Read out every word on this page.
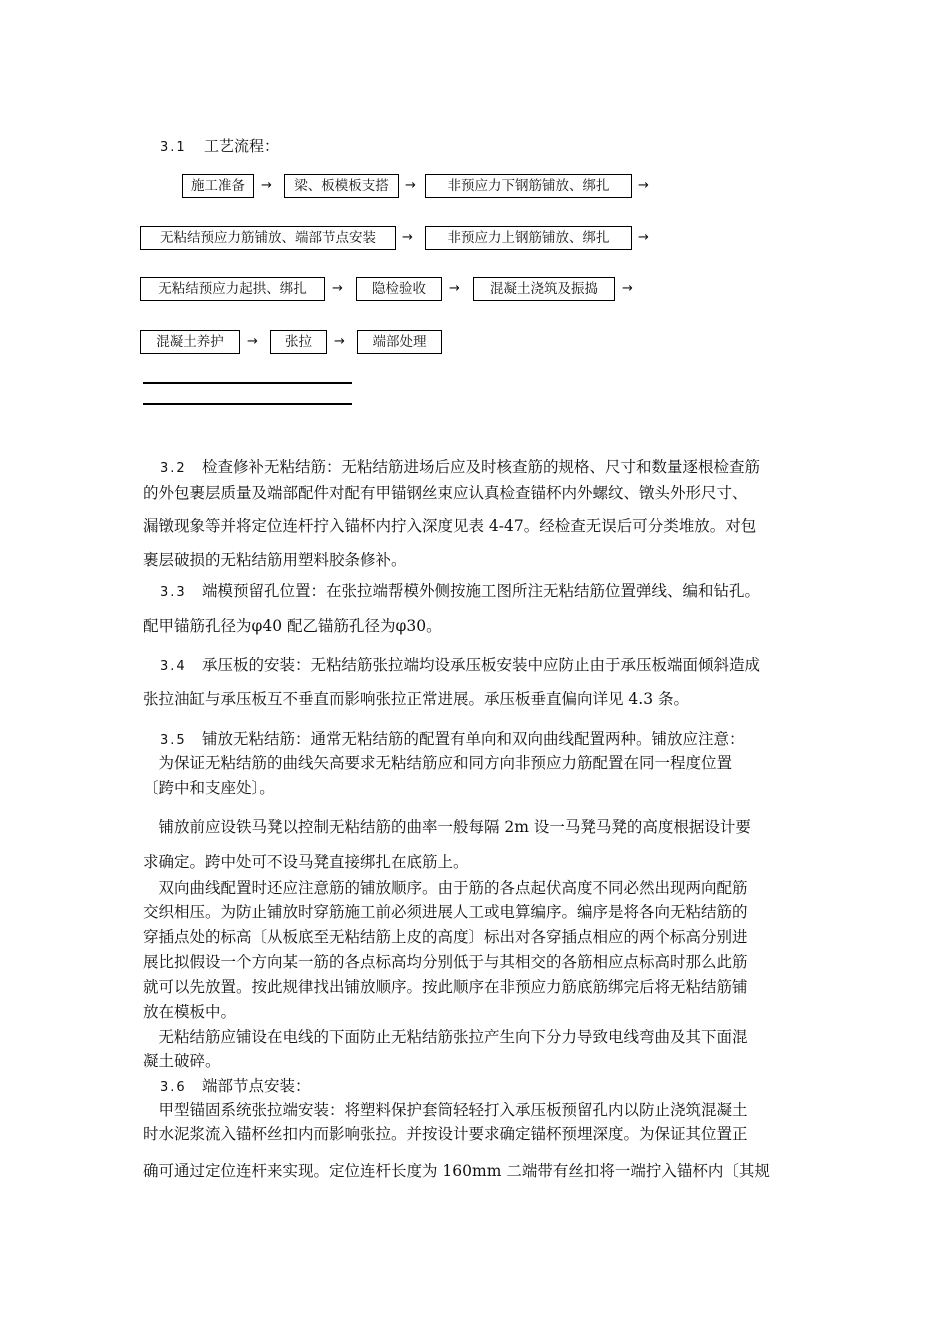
3.1 工艺流程：
施工准备	→	梁、板模板支搭	→	非预应力下钢筋铺放、绑扎	→
无粘结预应力筋铺放、端部节点安装	→	非预应力上钢筋铺放、绑扎	→
无粘结预应力起拱、绑扎	→	隐检验收	→	混凝土浇筑及振捣	→
混凝土养护	→	张拉	→	端部处理
3.2 检查修补无粘结筋：无粘结筋进场后应及时核查筋的规格、尺寸和数量逐根检查筋
的外包裹层质量及端部配件对配有甲锚钢丝束应认真检查锚杯内外螺纹、镦头外形尺寸、
漏镦现象等并将定位连杆拧入锚杯内拧入深度见表 4-47。经检查无误后可分类堆放。对包
裹层破损的无粘结筋用塑料胶条修补。
3.3 端模预留孔位置：在张拉端帮模外侧按施工图所注无粘结筋位置弹线、编和钻孔。
配甲锚筋孔径为φ40 配乙锚筋孔径为φ30。
3.4 承压板的安装：无粘结筋张拉端均设承压板安装中应防止由于承压板端面倾斜造成
张拉油缸与承压板互不垂直而影响张拉正常进展。承压板垂直偏向详见 4.3 条。
3.5 铺放无粘结筋：通常无粘结筋的配置有单向和双向曲线配置两种。铺放应注意：
　为保证无粘结筋的曲线矢高要求无粘结筋应和同方向非预应力筋配置在同一程度位置
〔跨中和支座处〕。
　铺放前应设铁马凳以控制无粘结筋的曲率一般每隔 2m 设一马凳马凳的高度根据设计要
求确定。跨中处可不设马凳直接绑扎在底筋上。
　双向曲线配置时还应注意筋的铺放顺序。由于筋的各点起伏高度不同必然出现两向配筋
交织相压。为防止铺放时穿筋施工前必须进展人工或电算编序。编序是将各向无粘结筋的
穿插点处的标高〔从板底至无粘结筋上皮的高度〕标出对各穿插点相应的两个标高分别进
展比拟假设一个方向某一筋的各点标高均分别低于与其相交的各筋相应点标高时那么此筋
就可以先放置。按此规律找出铺放顺序。按此顺序在非预应力筋底筋绑完后将无粘结筋铺
放在模板中。
　无粘结筋应铺设在电线的下面防止无粘结筋张拉产生向下分力导致电线弯曲及其下面混
凝土破碎。
3.6 端部节点安装：
　甲型锚固系统张拉端安装：将塑料保护套筒轻轻打入承压板预留孔内以防止浇筑混凝土
时水泥浆流入锚杯丝扣内而影响张拉。并按设计要求确定锚杯预埋深度。为保证其位置正
确可通过定位连杆来实现。定位连杆长度为 160mm 二端带有丝扣将一端拧入锚杯内〔其规
